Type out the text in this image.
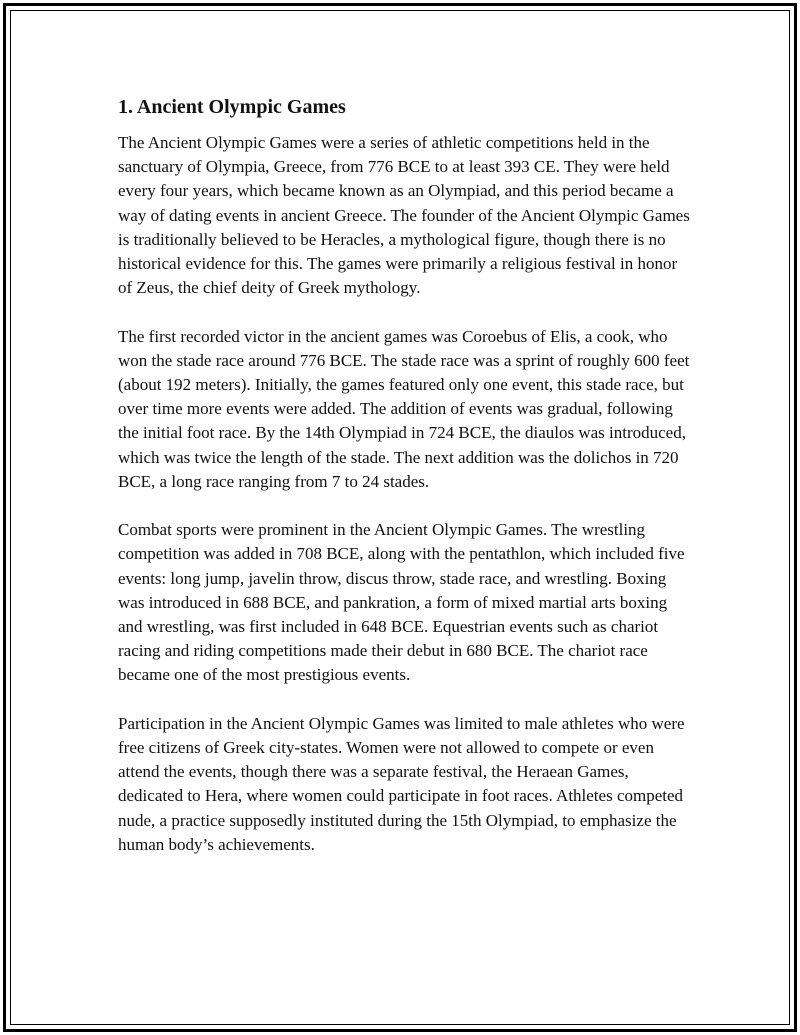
1. Ancient Olympic Games

The Ancient Olympic Games were a series of athletic competitions held in the sanctuary of Olympia, Greece, from 776 BCE to at least 393 CE. They were held every four years, which became known as an Olympiad, and this period became a way of dating events in ancient Greece. The founder of the Ancient Olympic Games is traditionally believed to be Heracles, a mythological figure, though there is no historical evidence for this. The games were primarily a religious festival in honor of Zeus, the chief deity of Greek mythology.

The first recorded victor in the ancient games was Coroebus of Elis, a cook, who won the stade race around 776 BCE. The stade race was a sprint of roughly 600 feet (about 192 meters). Initially, the games featured only one event, this stade race, but over time more events were added. The addition of events was gradual, following the initial foot race. By the 14th Olympiad in 724 BCE, the diaulos was introduced, which was twice the length of the stade. The next addition was the dolichos in 720 BCE, a long race ranging from 7 to 24 stades.

Combat sports were prominent in the Ancient Olympic Games. The wrestling competition was added in 708 BCE, along with the pentathlon, which included five events: long jump, javelin throw, discus throw, stade race, and wrestling. Boxing was introduced in 688 BCE, and pankration, a form of mixed martial arts boxing and wrestling, was first included in 648 BCE. Equestrian events such as chariot racing and riding competitions made their debut in 680 BCE. The chariot race became one of the most prestigious events.

Participation in the Ancient Olympic Games was limited to male athletes who were free citizens of Greek city-states. Women were not allowed to compete or even attend the events, though there was a separate festival, the Heraean Games, dedicated to Hera, where women could participate in foot races. Athletes competed nude, a practice supposedly instituted during the 15th Olympiad, to emphasize the human body’s achievements.
